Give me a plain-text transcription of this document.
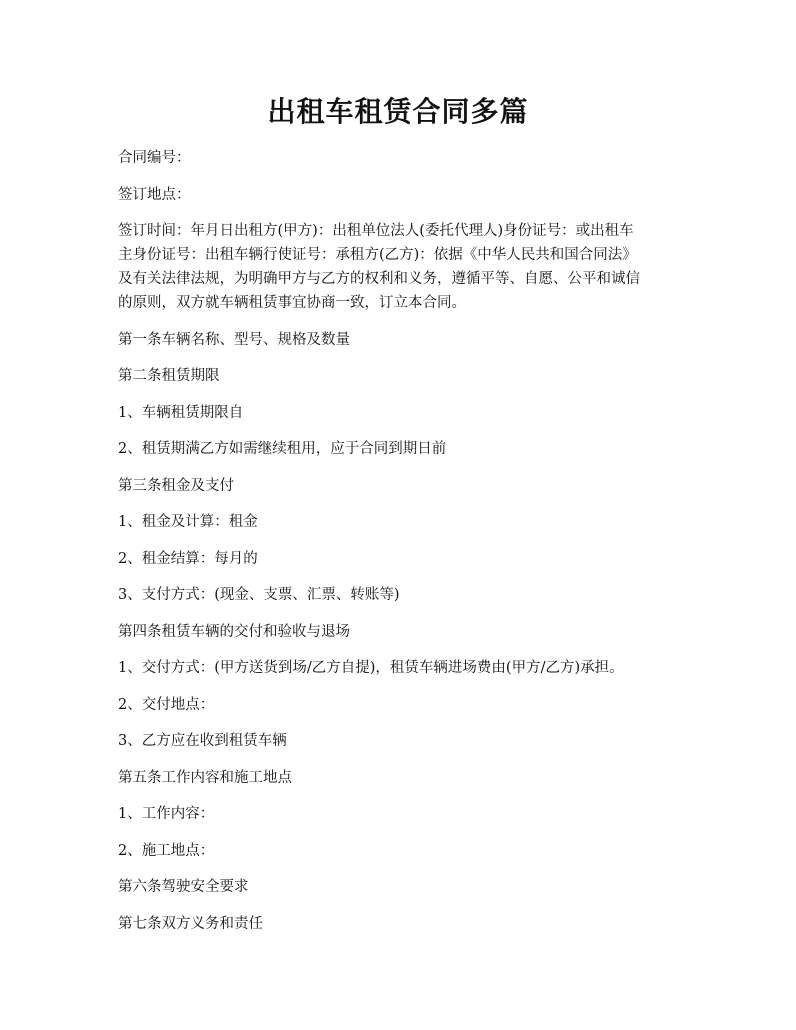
出租车租赁合同多篇

合同编号：

签订地点：

签订时间：年月日出租方(甲方)：出租单位法人(委托代理人)身份证号：或出租车
主身份证号：出租车辆行使证号：承租方(乙方)：依据《中华人民共和国合同法》
及有关法律法规，为明确甲方与乙方的权利和义务，遵循平等、自愿、公平和诚信
的原则，双方就车辆租赁事宜协商一致，订立本合同。

第一条车辆名称、型号、规格及数量

第二条租赁期限

1、车辆租赁期限自

2、租赁期满乙方如需继续租用，应于合同到期日前

第三条租金及支付

1、租金及计算：租金

2、租金结算：每月的

3、支付方式：(现金、支票、汇票、转账等)

第四条租赁车辆的交付和验收与退场

1、交付方式：(甲方送货到场/乙方自提)，租赁车辆进场费由(甲方/乙方)承担。

2、交付地点：

3、乙方应在收到租赁车辆

第五条工作内容和施工地点

1、工作内容：

2、施工地点：

第六条驾驶安全要求

第七条双方义务和责任
